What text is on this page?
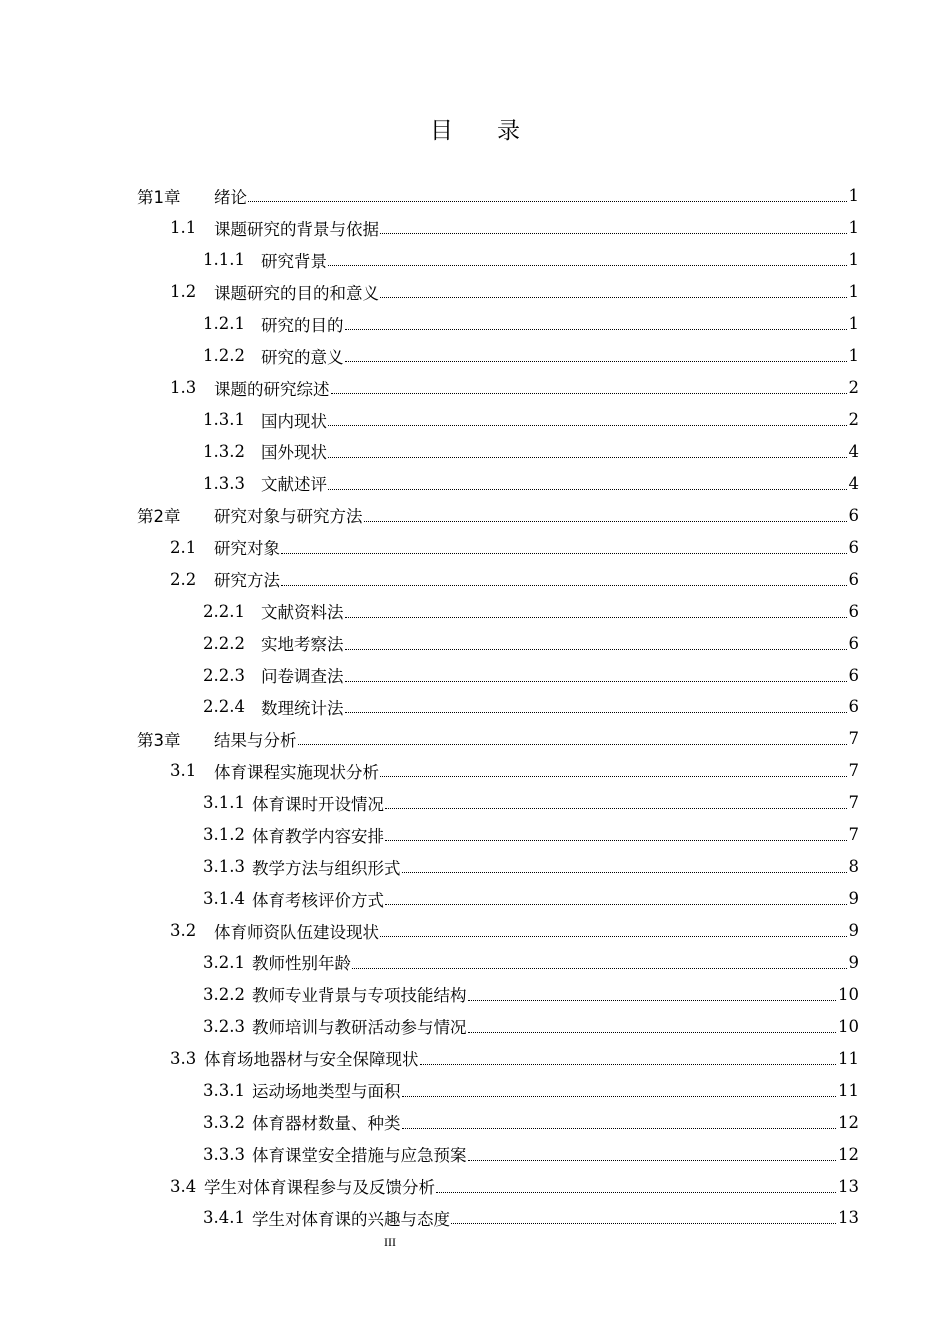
目录
第1章	绪论	1
1.1	课题研究的背景与依据	1
1.1.1 研究背景	1
1.2	课题研究的目的和意义	1
1.2.1 研究的目的	1
1.2.2 研究的意义	1
1.3	课题的研究综述	2
1.3.1 国内现状	2
1.3.2 国外现状	4
1.3.3 文献述评	4
第2章	研究对象与研究方法	6
2.1	研究对象	6
2.2	研究方法	6
2.2.1 文献资料法	6
2.2.2 实地考察法	6
2.2.3 问卷调查法	6
2.2.4 数理统计法	6
第3章	结果与分析	7
3.1	体育课程实施现状分析	7
3.1.1 体育课时开设情况	7
3.1.2 体育教学内容安排	7
3.1.3 教学方法与组织形式	8
3.1.4 体育考核评价方式	9
3.2	体育师资队伍建设现状	9
3.2.1 教师性别年龄	9
3.2.2 教师专业背景与专项技能结构	10
3.2.3 教师培训与教研活动参与情况	10
3.3 体育场地器材与安全保障现状	11
3.3.1 运动场地类型与面积	11
3.3.2 体育器材数量、种类	12
3.3.3 体育课堂安全措施与应急预案	12
3.4 学生对体育课程参与及反馈分析	13
3.4.1 学生对体育课的兴趣与态度	13
III
